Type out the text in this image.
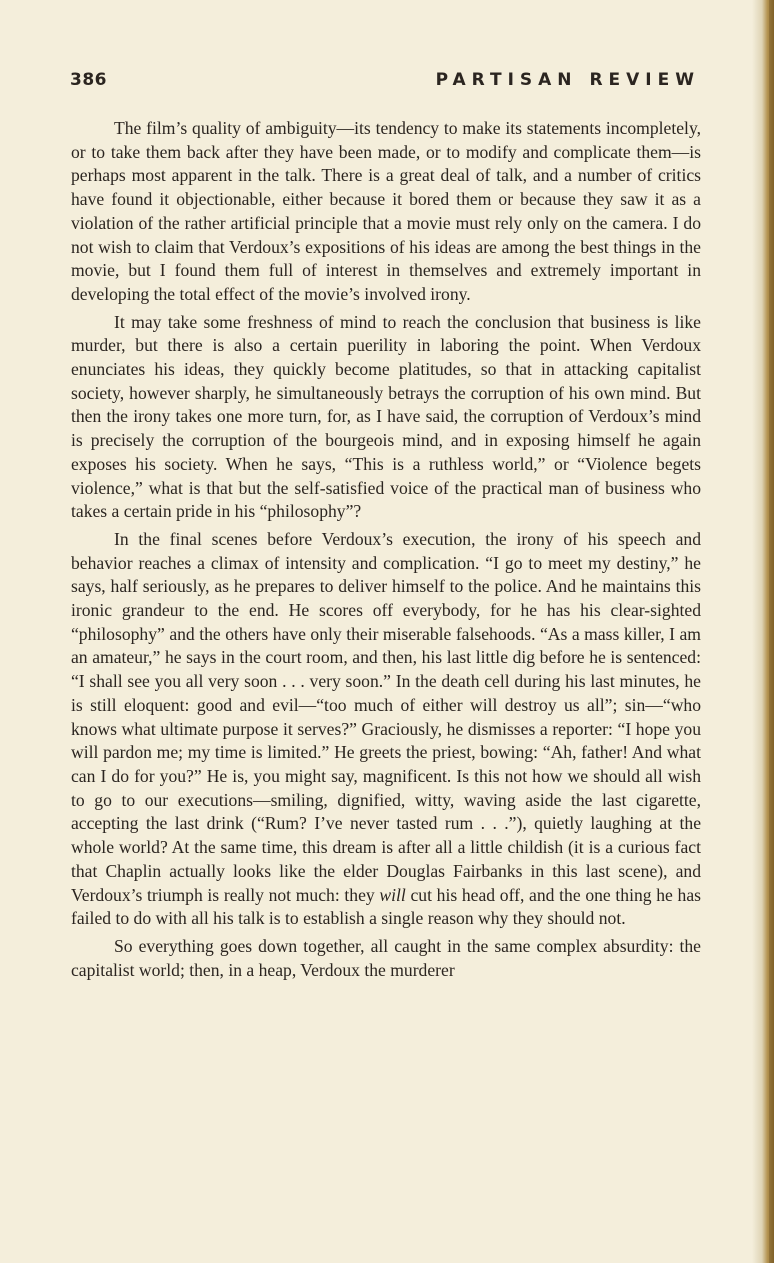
386	PARTISAN REVIEW

The film’s quality of ambiguity—its tendency to make its statements incompletely, or to take them back after they have been made, or to modify and complicate them—is perhaps most apparent in the talk. There is a great deal of talk, and a number of critics have found it objectionable, either because it bored them or because they saw it as a violation of the rather artificial principle that a movie must rely only on the camera. I do not wish to claim that Verdoux’s expositions of his ideas are among the best things in the movie, but I found them full of interest in themselves and extremely important in developing the total effect of the movie’s involved irony.

It may take some freshness of mind to reach the conclusion that business is like murder, but there is also a certain puerility in laboring the point. When Verdoux enunciates his ideas, they quickly become platitudes, so that in attacking capitalist society, however sharply, he simultaneously betrays the corruption of his own mind. But then the irony takes one more turn, for, as I have said, the corruption of Verdoux’s mind is precisely the corruption of the bourgeois mind, and in exposing himself he again exposes his society. When he says, “This is a ruthless world,” or “Violence begets violence,” what is that but the self-satisfied voice of the practical man of business who takes a certain pride in his “philosophy”?

In the final scenes before Verdoux’s execution, the irony of his speech and behavior reaches a climax of intensity and complication. “I go to meet my destiny,” he says, half seriously, as he prepares to deliver himself to the police. And he maintains this ironic grandeur to the end. He scores off everybody, for he has his clear-sighted “philosophy” and the others have only their miserable falsehoods. “As a mass killer, I am an amateur,” he says in the court room, and then, his last little dig before he is sentenced: “I shall see you all very soon . . . very soon.” In the death cell during his last minutes, he is still eloquent: good and evil—“too much of either will destroy us all”; sin—“who knows what ultimate purpose it serves?” Graciously, he dismisses a reporter: “I hope you will pardon me; my time is limited.” He greets the priest, bowing: “Ah, father! And what can I do for you?” He is, you might say, magnificent. Is this not how we should all wish to go to our executions—smiling, dignified, witty, waving aside the last cigarette, accepting the last drink (“Rum? I’ve never tasted rum . . .”), quietly laughing at the whole world? At the same time, this dream is after all a little childish (it is a curious fact that Chaplin actually looks like the elder Douglas Fairbanks in this last scene), and Verdoux’s triumph is really not much: they will cut his head off, and the one thing he has failed to do with all his talk is to establish a single reason why they should not.

So everything goes down together, all caught in the same complex absurdity: the capitalist world; then, in a heap, Verdoux the murderer
